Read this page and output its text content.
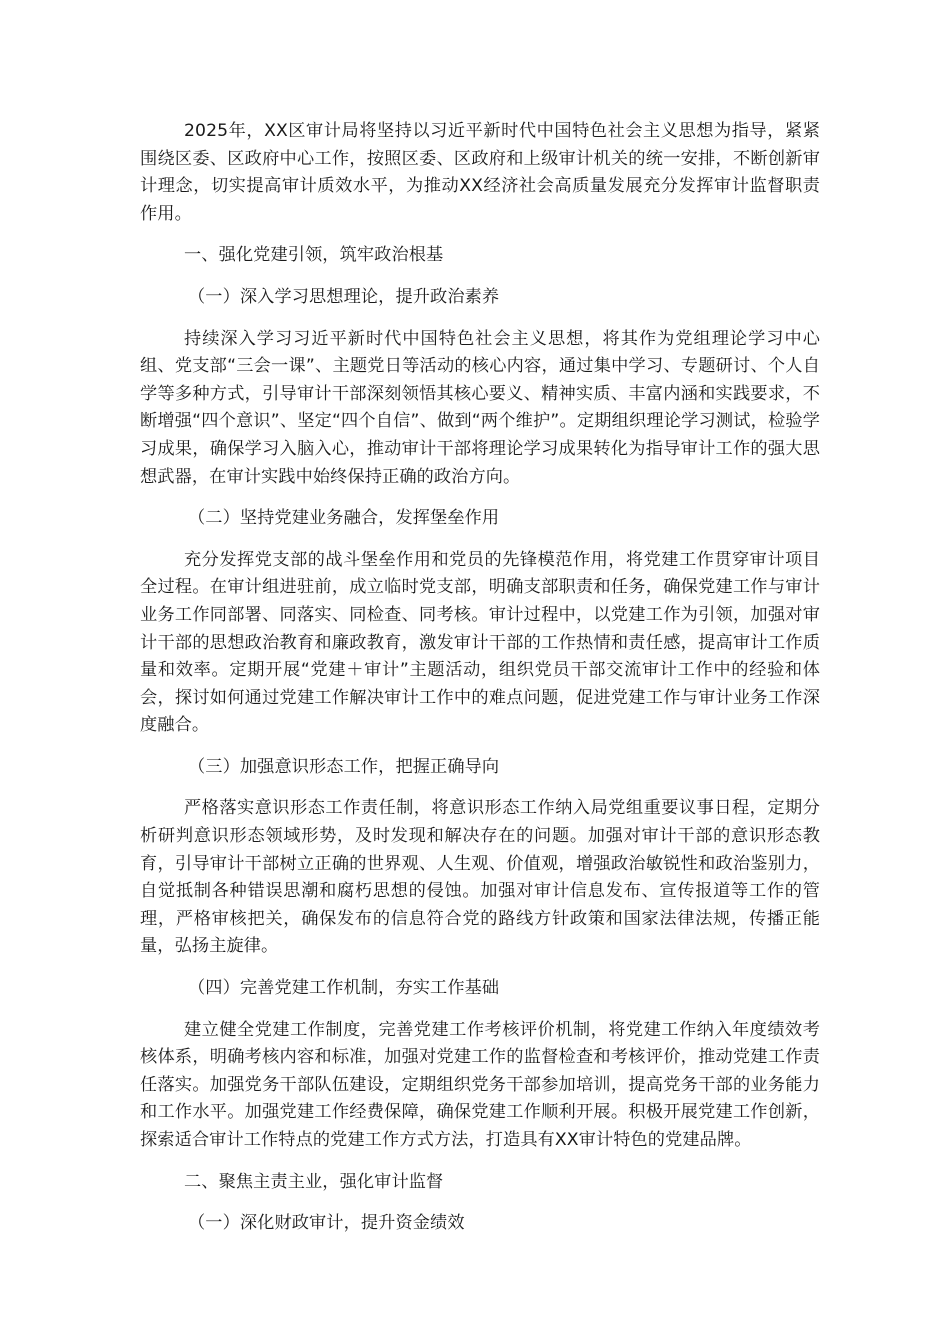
2025年，XX区审计局将坚持以习近平新时代中国特色社会主义思想为指导，紧紧围绕区委、区政府中心工作，按照区委、区政府和上级审计机关的统一安排，不断创新审计理念，切实提高审计质效水平，为推动XX经济社会高质量发展充分发挥审计监督职责作用。

一、强化党建引领，筑牢政治根基

（一）深入学习思想理论，提升政治素养

持续深入学习习近平新时代中国特色社会主义思想，将其作为党组理论学习中心组、党支部“三会一课”、主题党日等活动的核心内容，通过集中学习、专题研讨、个人自学等多种方式，引导审计干部深刻领悟其核心要义、精神实质、丰富内涵和实践要求，不断增强“四个意识”、坚定“四个自信”、做到“两个维护”。定期组织理论学习测试，检验学习成果，确保学习入脑入心，推动审计干部将理论学习成果转化为指导审计工作的强大思想武器，在审计实践中始终保持正确的政治方向。

（二）坚持党建业务融合，发挥堡垒作用

充分发挥党支部的战斗堡垒作用和党员的先锋模范作用，将党建工作贯穿审计项目全过程。在审计组进驻前，成立临时党支部，明确支部职责和任务，确保党建工作与审计业务工作同部署、同落实、同检查、同考核。审计过程中，以党建工作为引领，加强对审计干部的思想政治教育和廉政教育，激发审计干部的工作热情和责任感，提高审计工作质量和效率。定期开展“党建＋审计”主题活动，组织党员干部交流审计工作中的经验和体会，探讨如何通过党建工作解决审计工作中的难点问题，促进党建工作与审计业务工作深度融合。

（三）加强意识形态工作，把握正确导向

严格落实意识形态工作责任制，将意识形态工作纳入局党组重要议事日程，定期分析研判意识形态领域形势，及时发现和解决存在的问题。加强对审计干部的意识形态教育，引导审计干部树立正确的世界观、人生观、价值观，增强政治敏锐性和政治鉴别力，自觉抵制各种错误思潮和腐朽思想的侵蚀。加强对审计信息发布、宣传报道等工作的管理，严格审核把关，确保发布的信息符合党的路线方针政策和国家法律法规，传播正能量，弘扬主旋律。

（四）完善党建工作机制，夯实工作基础

建立健全党建工作制度，完善党建工作考核评价机制，将党建工作纳入年度绩效考核体系，明确考核内容和标准，加强对党建工作的监督检查和考核评价，推动党建工作责任落实。加强党务干部队伍建设，定期组织党务干部参加培训，提高党务干部的业务能力和工作水平。加强党建工作经费保障，确保党建工作顺利开展。积极开展党建工作创新，探索适合审计工作特点的党建工作方式方法，打造具有XX审计特色的党建品牌。

二、聚焦主责主业，强化审计监督

（一）深化财政审计，提升资金绩效
